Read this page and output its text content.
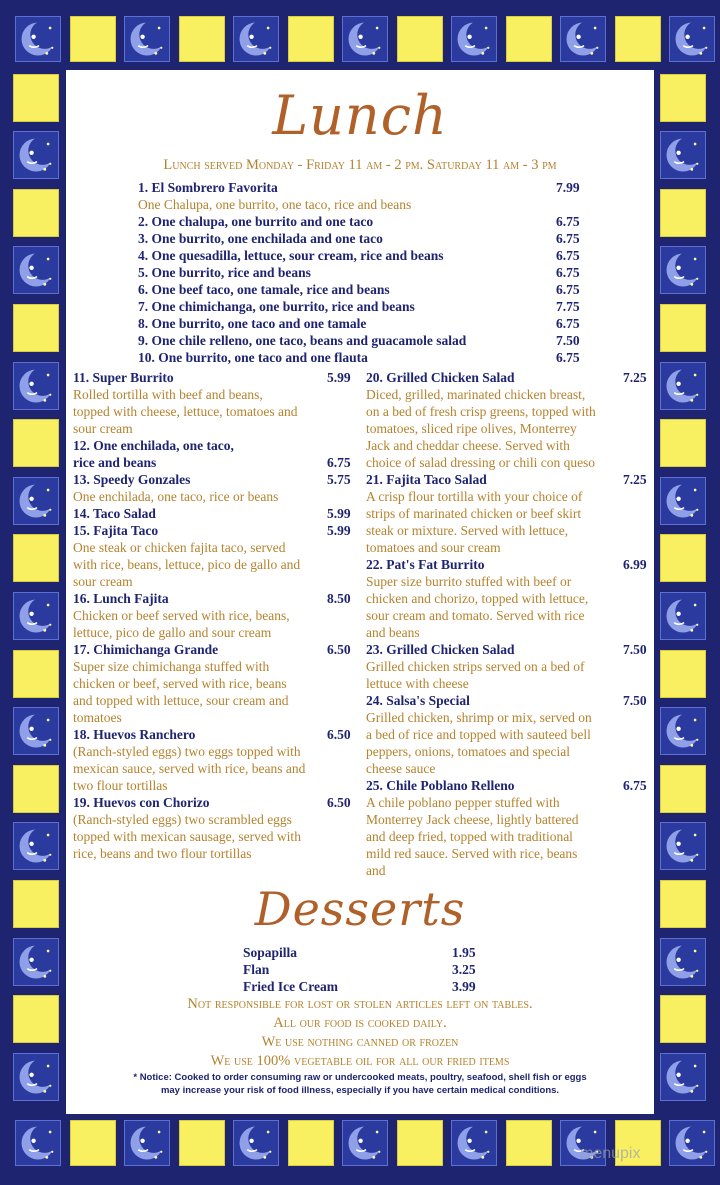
Lunch
Lunch served Monday - Friday 11 am - 2 pm. Saturday 11 am - 3 pm
1. El Sombrero Favorita	7.99
One Chalupa, one burrito, one taco, rice and beans
2. One chalupa, one burrito and one taco	6.75
3. One burrito, one enchilada and one taco	6.75
4. One quesadilla, lettuce, sour cream, rice and beans	6.75
5. One burrito, rice and beans	6.75
6. One beef taco, one tamale, rice and beans	6.75
7. One chimichanga, one burrito, rice and beans	7.75
8. One burrito, one taco and one tamale	6.75
9. One chile relleno, one taco, beans and guacamole salad	7.50
10. One burrito, one taco and one flauta	6.75
11. Super Burrito	5.99
Rolled tortilla with beef and beans,
topped with cheese, lettuce, tomatoes and
sour cream
12. One enchilada, one taco,
rice and beans	6.75
13. Speedy Gonzales	5.75
One enchilada, one taco, rice or beans
14. Taco Salad	5.99
15. Fajita Taco	5.99
One steak or chicken fajita taco, served
with rice, beans, lettuce, pico de gallo and
sour cream
16. Lunch Fajita	8.50
Chicken or beef served with rice, beans,
lettuce, pico de gallo and sour cream
17. Chimichanga Grande	6.50
Super size chimichanga stuffed with
chicken or beef, served with rice, beans
and topped with lettuce, sour cream and
tomatoes
18. Huevos Ranchero	6.50
(Ranch-styled eggs) two eggs topped with
mexican sauce, served with rice, beans and
two flour tortillas
19. Huevos con Chorizo	6.50
(Ranch-styled eggs) two scrambled eggs
topped with mexican sausage, served with
rice, beans and two flour tortillas
20. Grilled Chicken Salad	7.25
Diced, grilled, marinated chicken breast,
on a bed of fresh crisp greens, topped with
tomatoes, sliced ripe olives, Monterrey
Jack and cheddar cheese. Served with
choice of salad dressing or chili con queso
21. Fajita Taco Salad	7.25
A crisp flour tortilla with your choice of
strips of marinated chicken or beef skirt
steak or mixture. Served with lettuce,
tomatoes and sour cream
22. Pat's Fat Burrito	6.99
Super size burrito stuffed with beef or
chicken and chorizo, topped with lettuce,
sour cream and tomato. Served with rice
and beans
23. Grilled Chicken Salad	7.50
Grilled chicken strips served on a bed of
lettuce with cheese
24. Salsa's Special	7.50
Grilled chicken, shrimp or mix, served on
a bed of rice and topped with sauteed bell
peppers, onions, tomatoes and special
cheese sauce
25. Chile Poblano Relleno	6.75
A chile poblano pepper stuffed with
Monterrey Jack cheese, lightly battered
and deep fried, topped with traditional
mild red sauce. Served with rice, beans
and
Desserts
Sopapilla	1.95
Flan	3.25
Fried Ice Cream	3.99
Not responsible for lost or stolen articles left on tables.
All our food is cooked daily.
We use nothing canned or frozen
We use 100% vegetable oil for all our fried items
* Notice: Cooked to order consuming raw or undercooked meats, poultry, seafood, shell fish or eggs
may increase your risk of food illness, especially if you have certain medical conditions.
menupix
